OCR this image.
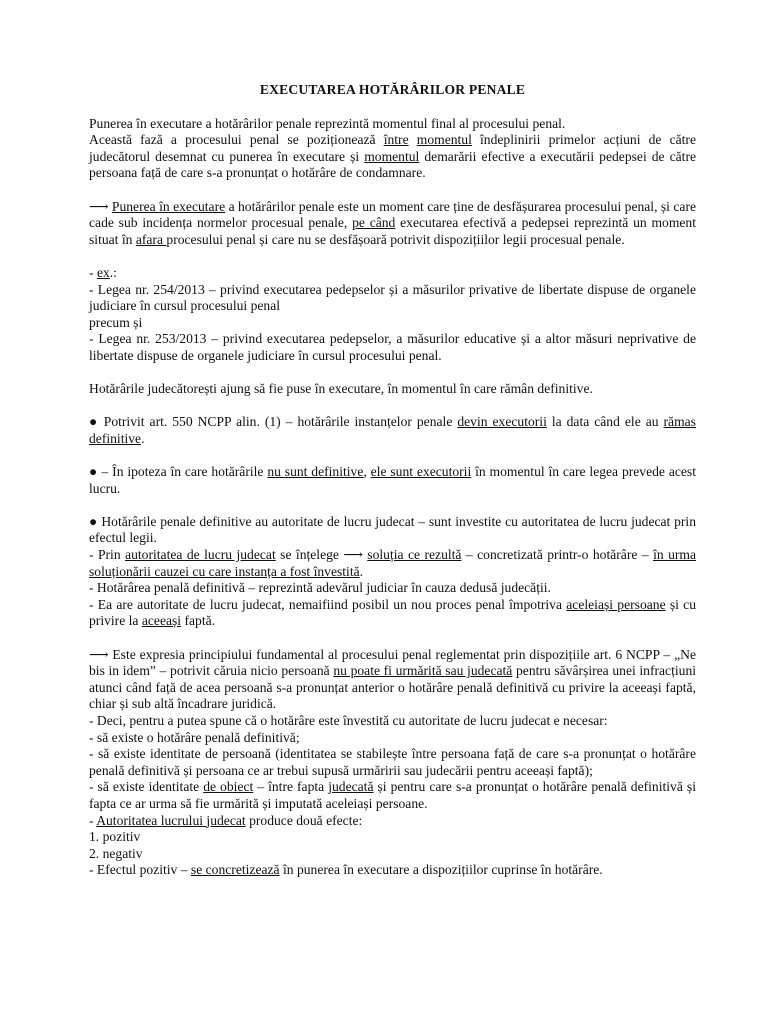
EXECUTAREA HOTĂRÂRILOR PENALE

Punerea în executare a hotărârilor penale reprezintă momentul final al procesului penal.

Această fază a procesului penal se poziționează între momentul îndeplinirii primelor acțiuni de către judecătorul desemnat cu punerea în executare și momentul demarării efective a executării pedepsei de către persoana față de care s-a pronunțat o hotărâre de condamnare.

⟶ Punerea în executare a hotărârilor penale este un moment care ține de desfășurarea procesului penal, și care cade sub incidența normelor procesual penale, pe când executarea efectivă a pedepsei reprezintă un moment situat în afara procesului penal și care nu se desfășoară potrivit dispozițiilor legii procesual penale.

- ex.:

- Legea nr. 254/2013 – privind executarea pedepselor și a măsurilor privative de libertate dispuse de organele judiciare în cursul procesului penal

precum și

- Legea nr. 253/2013 – privind executarea pedepselor, a măsurilor educative și a altor măsuri neprivative de libertate dispuse de organele judiciare în cursul procesului penal.

Hotărârile judecătorești ajung să fie puse în executare, în momentul în care rămân definitive.

● Potrivit art. 550 NCPP alin. (1) – hotărârile instanțelor penale devin executorii la data când ele au rămas definitive.

● – În ipoteza în care hotărârile nu sunt definitive, ele sunt executorii în momentul în care legea prevede acest lucru.

● Hotărârile penale definitive au autoritate de lucru judecat – sunt investite cu autoritatea de lucru judecat prin efectul legii.

- Prin autoritatea de lucru judecat se înțelege ⟶ soluția ce rezultă – concretizată printr-o hotărâre – în urma soluționării cauzei cu care instanța a fost învestită.

- Hotărârea penală definitivă – reprezintă adevărul judiciar în cauza dedusă judecății.

- Ea are autoritate de lucru judecat, nemaifiind posibil un nou proces penal împotriva aceleiași persoane și cu privire la aceeași faptă.

⟶ Este expresia principiului fundamental al procesului penal reglementat prin dispozițiile art. 6 NCPP – „Ne bis in idem” – potrivit căruia nicio persoană nu poate fi urmărită sau judecată pentru săvârșirea unei infracțiuni atunci când față de acea persoană s-a pronunțat anterior o hotărâre penală definitivă cu privire la aceeași faptă, chiar și sub altă încadrare juridică.

- Deci, pentru a putea spune că o hotărâre este învestită cu autoritate de lucru judecat e necesar:

- să existe o hotărâre penală definitivă;

- să existe identitate de persoană (identitatea se stabilește între persoana față de care s-a pronunțat o hotărâre penală definitivă și persoana ce ar trebui supusă urmăririi sau judecării pentru aceeași faptă);

- să existe identitate de obiect – între fapta judecată și pentru care s-a pronunțat o hotărâre penală definitivă și fapta ce ar urma să fie urmărită și imputată aceleiași persoane.

- Autoritatea lucrului judecat produce două efecte:

1. pozitiv

2. negativ

- Efectul pozitiv – se concretizează în punerea în executare a dispozițiilor cuprinse în hotărâre.
